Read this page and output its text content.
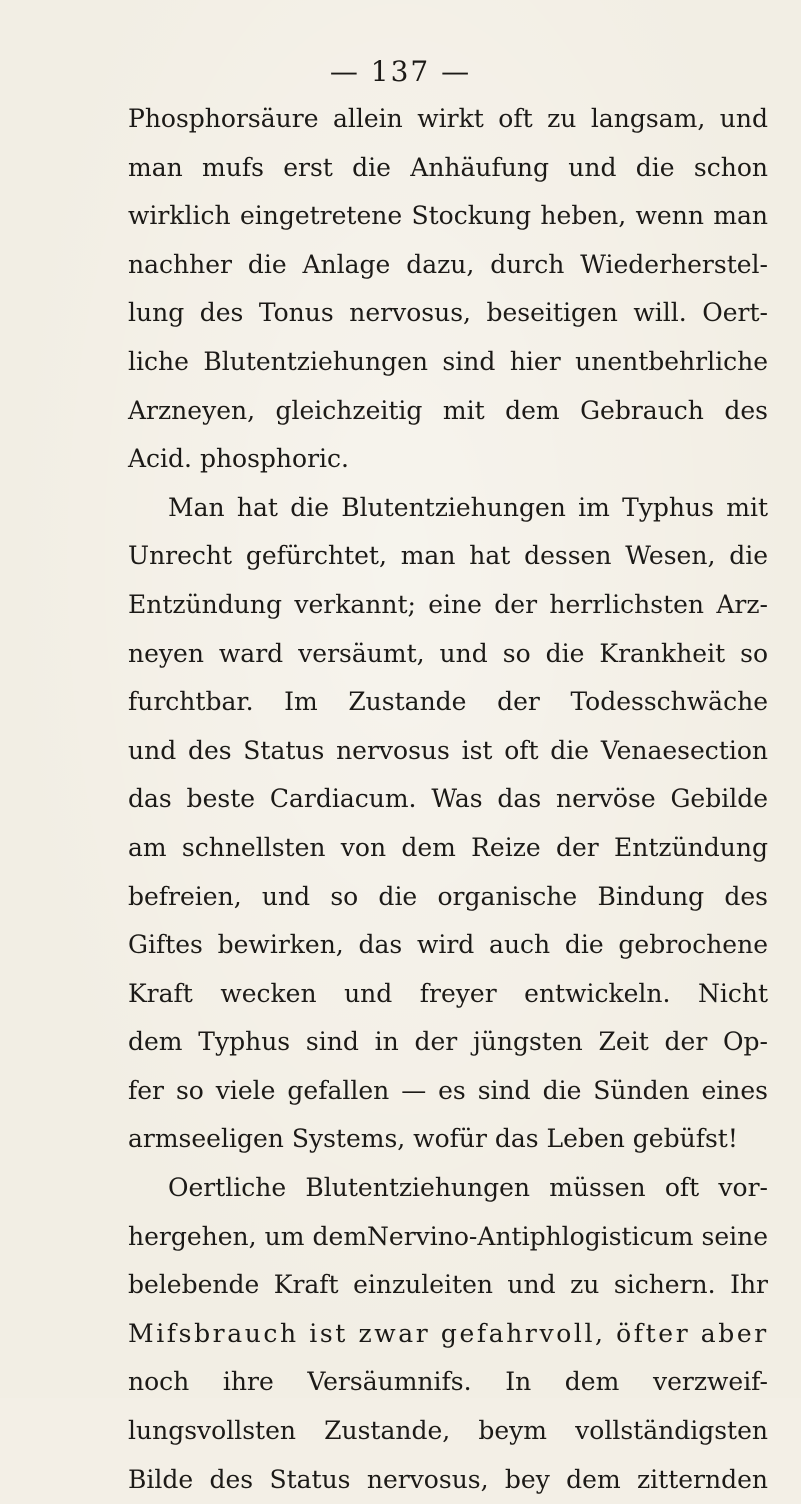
— 137 —
Phosphorsäure allein wirkt oft zu langsam, und
man mufs erst die Anhäufung und die schon
wirklich eingetretene Stockung heben, wenn man
nachher die Anlage dazu, durch Wiederherstel-
lung des Tonus nervosus, beseitigen will. Oert-
liche Blutentziehungen sind hier unentbehrliche
Arzneyen, gleichzeitig mit dem Gebrauch des
Acid. phosphoric.
Man hat die Blutentziehungen im Typhus mit
Unrecht gefürchtet, man hat dessen Wesen, die
Entzündung verkannt; eine der herrlichsten Arz-
neyen ward versäumt, und so die Krankheit so
furchtbar. Im Zustande der Todesschwäche
und des Status nervosus ist oft die Venaesection
das beste Cardiacum. Was das nervöse Gebilde
am schnellsten von dem Reize der Entzündung
befreien, und so die organische Bindung des
Giftes bewirken, das wird auch die gebrochene
Kraft wecken und freyer entwickeln. Nicht
dem Typhus sind in der jüngsten Zeit der Op-
fer so viele gefallen — es sind die Sünden eines
armseeligen Systems, wofür das Leben gebüfst!
Oertliche Blutentziehungen müssen oft vor-
hergehen, um demNervino-Antiphlogisticum seine
belebende Kraft einzuleiten und zu sichern. Ihr
Mifsbrauch ist zwar gefahrvoll, öfter aber
noch ihre Versäumnifs. In dem verzweif-
lungsvollsten Zustande, beym vollständigsten
Bilde des Status nervosus, bey dem zitternden
